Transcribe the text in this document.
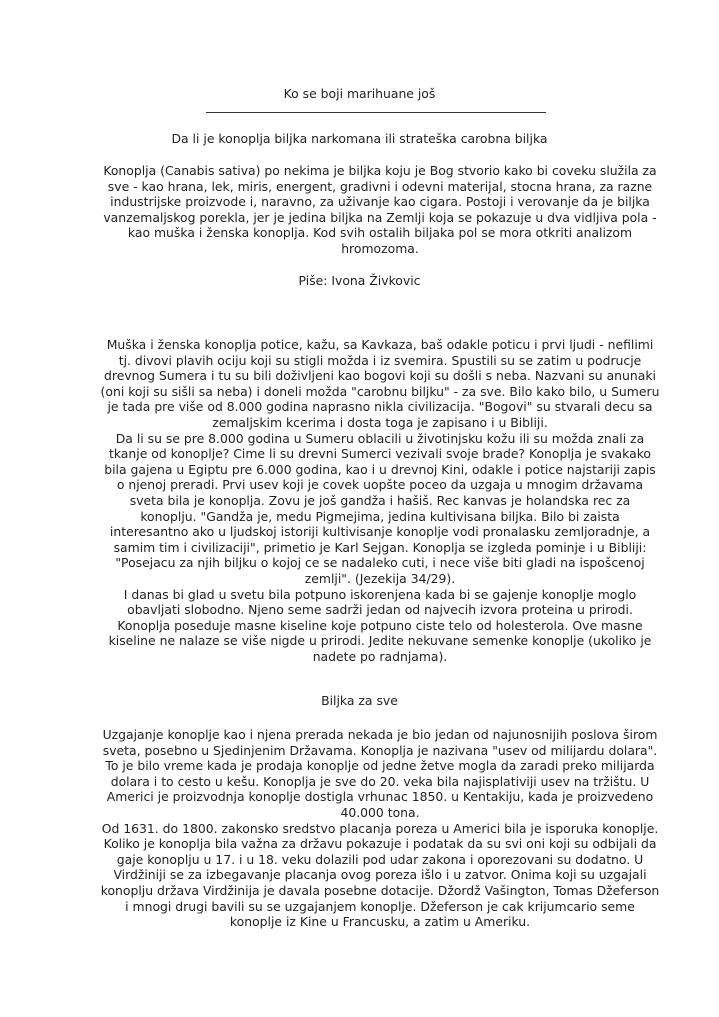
Ko se boji marihuane još
Da li je konoplja biljka narkomana ili strateška carobna biljka

Konoplja (Canabis sativa) po nekima je biljka koju je Bog stvorio kako bi coveku služila za sve - kao hrana, lek, miris, energent, gradivni i odevni materijal, stocna hrana, za razne industrijske proizvode i, naravno, za uživanje kao cigara. Postoji i verovanje da je biljka vanzemaljskog porekla, jer je jedina biljka na Zemlji koja se pokazuje u dva vidljiva pola - kao muška i ženska konoplja. Kod svih ostalih biljaka pol se mora otkriti analizom hromozoma.

Piše: Ivona Živkovic

Muška i ženska konoplja potice, kažu, sa Kavkaza, baš odakle poticu i prvi ljudi - nefilimi tj. divovi plavih ociju koji su stigli možda i iz svemira. Spustili su se zatim u podrucje drevnog Sumera i tu su bili doživljeni kao bogovi koji su došli s neba. Nazvani su anunaki (oni koji su sišli sa neba) i doneli možda "carobnu biljku" - za sve. Bilo kako bilo, u Sumeru je tada pre više od 8.000 godina naprasno nikla civilizacija. "Bogovi" su stvarali decu sa zemaljskim kcerima i dosta toga je zapisano i u Bibliji.

Da li su se pre 8.000 godina u Sumeru oblacili u životinjsku kožu ili su možda znali za tkanje od konoplje? Cime li su drevni Sumerci vezivali svoje brade? Konoplja je svakako bila gajena u Egiptu pre 6.000 godina, kao i u drevnoj Kini, odakle i potice najstariji zapis o njenoj preradi. Prvi usev koji je covek uopšte poceo da uzgaja u mnogim državama sveta bila je konoplja. Zovu je još gandža i hašiš. Rec kanvas je holandska rec za konoplju. "Gandža je, medu Pigmejima, jedina kultivisana biljka. Bilo bi zaista interesantno ako u ljudskoj istoriji kultivisanje konoplje vodi pronalasku zemljoradnje, a samim tim i civilizaciji", primetio je Karl Sejgan. Konoplja se izgleda pominje i u Bibliji: "Posejacu za njih biljku o kojoj ce se nadaleko cuti, i nece više biti gladi na ispošcenoj zemlji". (Jezekija 34/29).

I danas bi glad u svetu bila potpuno iskorenjena kada bi se gajenje konoplje moglo obavljati slobodno. Njeno seme sadrži jedan od najvecih izvora proteina u prirodi. Konoplja poseduje masne kiseline koje potpuno ciste telo od holesterola. Ove masne kiseline ne nalaze se više nigde u prirodi. Jedite nekuvane semenke konoplje (ukoliko je nadete po radnjama).

Biljka za sve

Uzgajanje konoplje kao i njena prerada nekada je bio jedan od najunosnijih poslova širom sveta, posebno u Sjedinjenim Državama. Konoplja je nazivana "usev od milijardu dolara". To je bilo vreme kada je prodaja konoplje od jedne žetve mogla da zaradi preko milijarda dolara i to cesto u kešu. Konoplja je sve do 20. veka bila najisplativiji usev na tržištu. U Americi je proizvodnja konoplje dostigla vrhunac 1850. u Kentakiju, kada je proizvedeno 40.000 tona.

Od 1631. do 1800. zakonsko sredstvo placanja poreza u Americi bila je isporuka konoplje. Koliko je konoplja bila važna za državu pokazuje i podatak da su svi oni koji su odbijali da gaje konoplju u 17. i u 18. veku dolazili pod udar zakona i oporezovani su dodatno. U Virdžiniji se za izbegavanje placanja ovog poreza išlo i u zatvor. Onima koji su uzgajali konoplju država Virdžinija je davala posebne dotacije. Džordž Vašington, Tomas Džeferson i mnogi drugi bavili su se uzgajanjem konoplje. Džeferson je cak krijumcario seme konoplje iz Kine u Francusku, a zatim u Ameriku.
